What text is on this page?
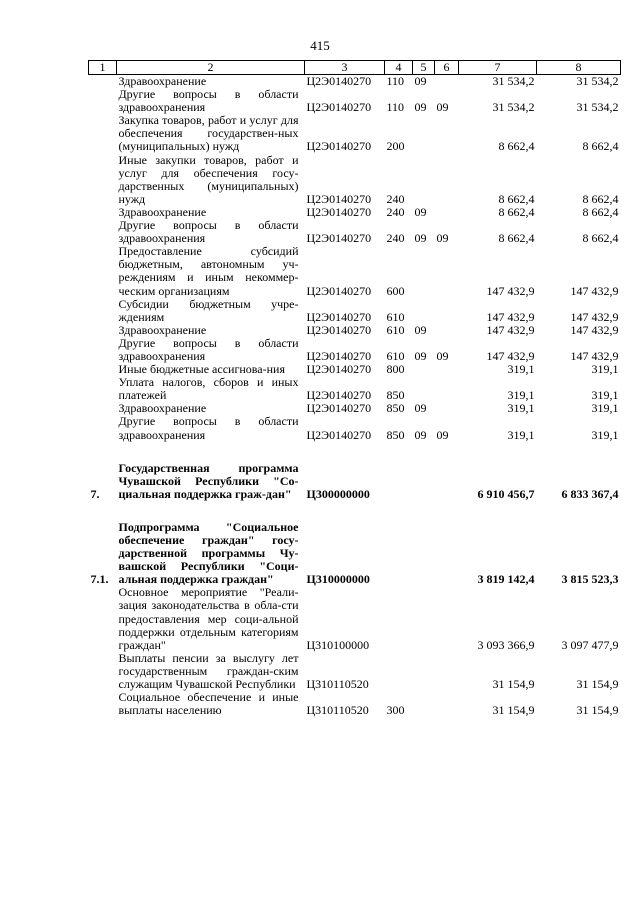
415
1	2	3	4	5	6	7	8
	Здравоохранение	Ц2Э0140270	110	09		31 534,2	31 534,2
	Другие вопросы в области здравоохранения	Ц2Э0140270	110	09	09	31 534,2	31 534,2
	Закупка товаров, работ и услуг для обеспечения государствен-ных (муниципальных) нужд	Ц2Э0140270	200			8 662,4	8 662,4
	Иные закупки товаров, работ и услуг для обеспечения госу-дарственных (муниципальных) нужд	Ц2Э0140270	240			8 662,4	8 662,4
	Здравоохранение	Ц2Э0140270	240	09		8 662,4	8 662,4
	Другие вопросы в области здравоохранения	Ц2Э0140270	240	09	09	8 662,4	8 662,4
	Предоставление субсидий бюджетным, автономным уч-реждениям и иным некоммер-ческим организациям	Ц2Э0140270	600			147 432,9	147 432,9
	Субсидии бюджетным учре-ждениям	Ц2Э0140270	610			147 432,9	147 432,9
	Здравоохранение	Ц2Э0140270	610	09		147 432,9	147 432,9
	Другие вопросы в области здравоохранения	Ц2Э0140270	610	09	09	147 432,9	147 432,9
	Иные бюджетные ассигнова-ния	Ц2Э0140270	800			319,1	319,1
	Уплата налогов, сборов и иных платежей	Ц2Э0140270	850			319,1	319,1
	Здравоохранение	Ц2Э0140270	850	09		319,1	319,1
	Другие вопросы в области здравоохранения	Ц2Э0140270	850	09	09	319,1	319,1

7.	Государственная программа Чувашской Республики "Со-циальная поддержка граж-дан"	Ц300000000				6 910 456,7	6 833 367,4

7.1.	Подпрограмма "Социальное обеспечение граждан" госу-дарственной программы Чу-вашской Республики "Соци-альная поддержка граждан"	Ц310000000				3 819 142,4	3 815 523,3
	Основное мероприятие "Реали-зация законодательства в обла-сти предоставления мер соци-альной поддержки отдельным категориям граждан"	Ц310100000				3 093 366,9	3 097 477,9
	Выплаты пенсии за выслугу лет государственным граждан-ским служащим Чувашской Республики	Ц310110520				31 154,9	31 154,9
	Социальное обеспечение и иные выплаты населению	Ц310110520	300			31 154,9	31 154,9
